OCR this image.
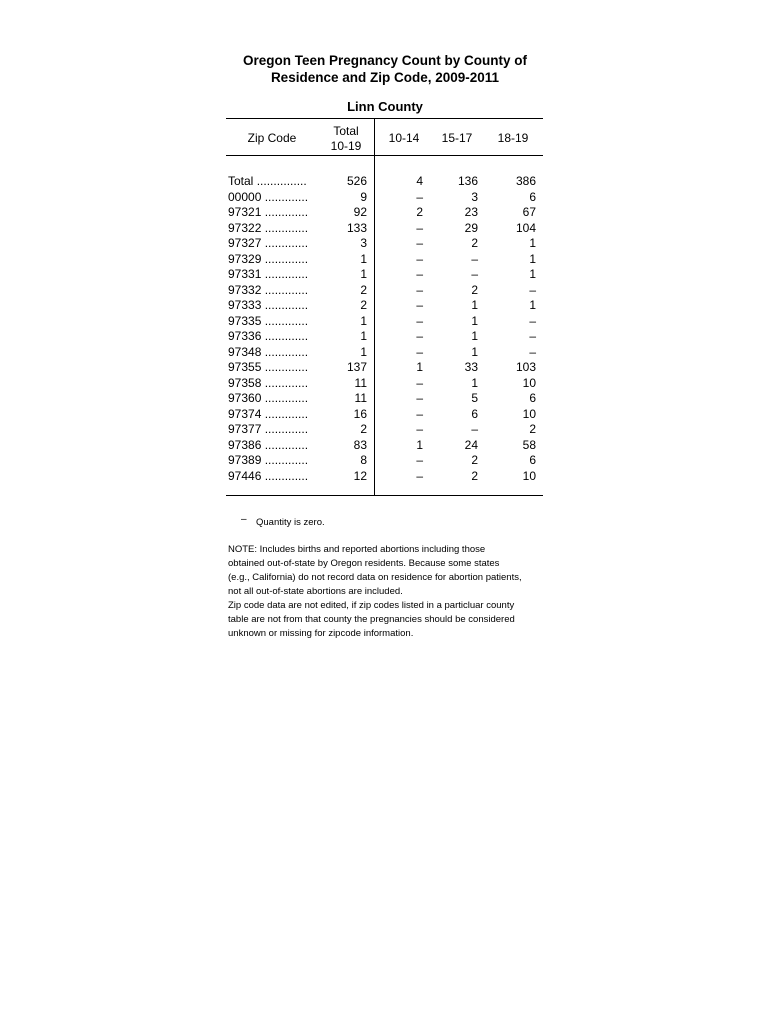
Oregon Teen Pregnancy Count by County of
Residence and Zip Code, 2009-2011
Linn County
Zip Code	Total
10-19
10-14	15-17	18-19
Total ...............	526	4	136	386
00000 .............	9	–	3	6
97321 .............	92	2	23	67
97322 .............	133	–	29	104
97327 .............	3	–	2	1
97329 .............	1	–	–	1
97331 .............	1	–	–	1
97332 .............	2	–	2	–
97333 .............	2	–	1	1
97335 .............	1	–	1	–
97336 .............	1	–	1	–
97348 .............	1	–	1	–
97355 .............	137	1	33	103
97358 .............	11	–	1	10
97360 .............	11	–	5	6
97374 .............	16	–	6	10
97377 .............	2	–	–	2
97386 .............	83	1	24	58
97389 .............	8	–	2	6
97446 .............	12	–	2	10
– Quantity is zero.

NOTE: Includes births and reported abortions including those

obtained out-of-state by Oregon residents. Because some states

(e.g., California) do not record data on residence for abortion patients,

not all out-of-state abortions are included.

Zip code data are not edited, if zip codes listed in a particluar county

table are not from that county the pregnancies should be considered

unknown or missing for zipcode information.
